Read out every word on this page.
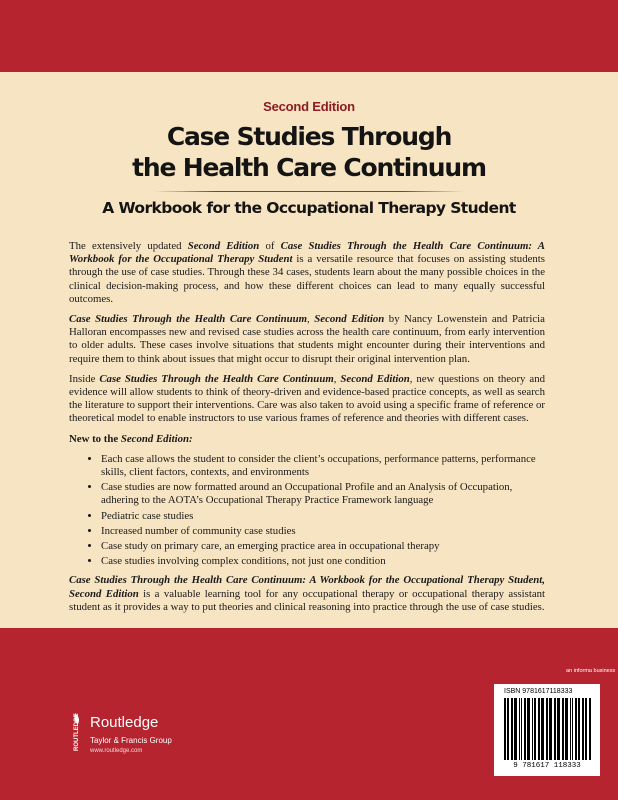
Second Edition
Case Studies Through
the Health Care Continuum
A Workbook for the Occupational Therapy Student

The extensively updated Second Edition of Case Studies Through the Health Care Continuum: A Workbook for the Occupational Therapy Student is a versatile resource that focuses on assisting students through the use of case studies. Through these 34 cases, students learn about the many possible choices in the clinical decision-making process, and how these different choices can lead to many equally successful outcomes.

Case Studies Through the Health Care Continuum, Second Edition by Nancy Lowenstein and Patricia Halloran encompasses new and revised case studies across the health care continuum, from early intervention to older adults. These cases involve situations that students might encounter during their interventions and require them to think about issues that might occur to disrupt their original intervention plan.

Inside Case Studies Through the Health Care Continuum, Second Edition, new questions on theory and evidence will allow students to think of theory-driven and evidence-based practice concepts, as well as search the literature to support their interventions. Care was also taken to avoid using a specific frame of reference or theoretical model to enable instructors to use various frames of reference and theories with different cases.

New to the Second Edition:

• Each case allows the student to consider the client’s occupations, performance patterns, performance skills, client factors, contexts, and environments
• Case studies are now formatted around an Occupational Profile and an Analysis of Occupation, adhering to the AOTA’s Occupational Therapy Practice Framework language
• Pediatric case studies
• Increased number of community case studies
• Case study on primary care, an emerging practice area in occupational therapy
• Case studies involving complex conditions, not just one condition

Case Studies Through the Health Care Continuum: A Workbook for the Occupational Therapy Student, Second Edition is a valuable learning tool for any occupational therapy or occupational therapy assistant student as it provides a way to put theories and clinical reasoning into practice through the use of case studies.

an informa business
ISBN 9781617118333
9 781617 118333
ROUTLEDGE Routledge
Taylor & Francis Group
www.routledge.com
